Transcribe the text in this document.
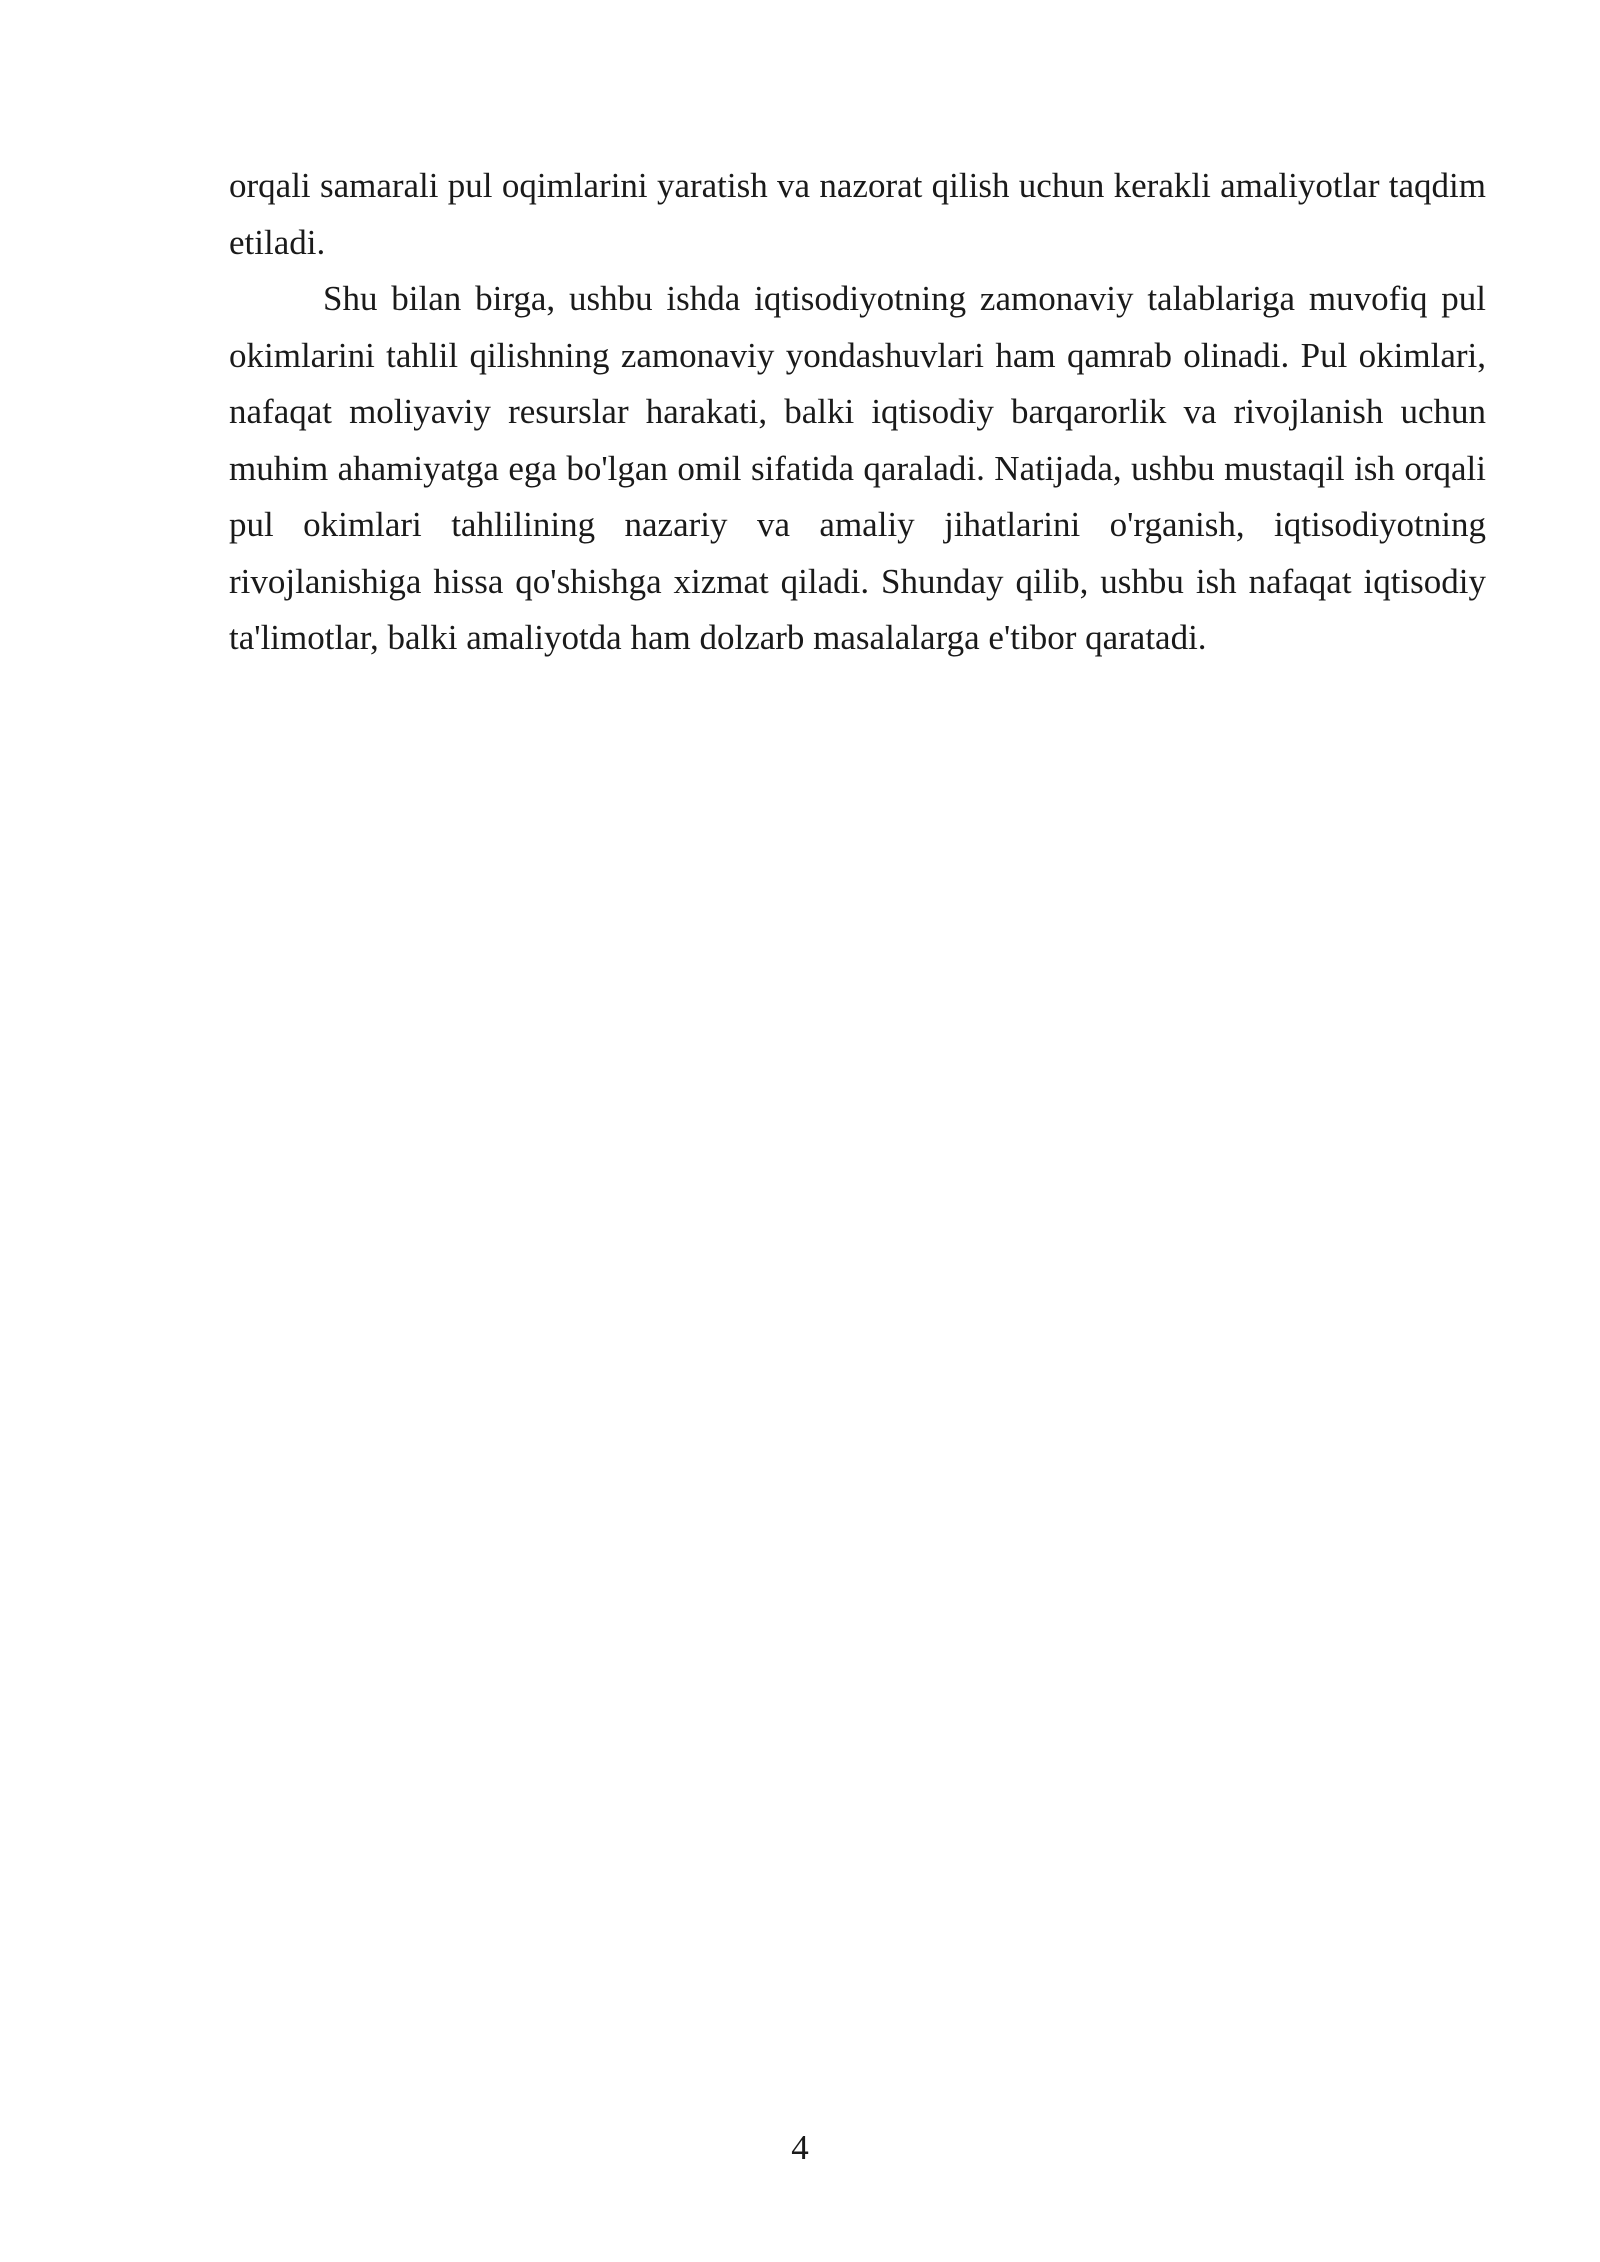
orqali samarali pul oqimlarini yaratish va nazorat qilish uchun kerakli amaliyotlar taqdim etiladi.

Shu bilan birga, ushbu ishda iqtisodiyotning zamonaviy talablariga muvofiq pul okimlarini tahlil qilishning zamonaviy yondashuvlari ham qamrab olinadi. Pul okimlari, nafaqat moliyaviy resurslar harakati, balki iqtisodiy barqarorlik va rivojlanish uchun muhim ahamiyatga ega bo'lgan omil sifatida qaraladi. Natijada, ushbu mustaqil ish orqali pul okimlari tahlilining nazariy va amaliy jihatlarini o'rganish, iqtisodiyotning rivojlanishiga hissa qo'shishga xizmat qiladi. Shunday qilib, ushbu ish nafaqat iqtisodiy ta'limotlar, balki amaliyotda ham dolzarb masalalarga e'tibor qaratadi.

4
